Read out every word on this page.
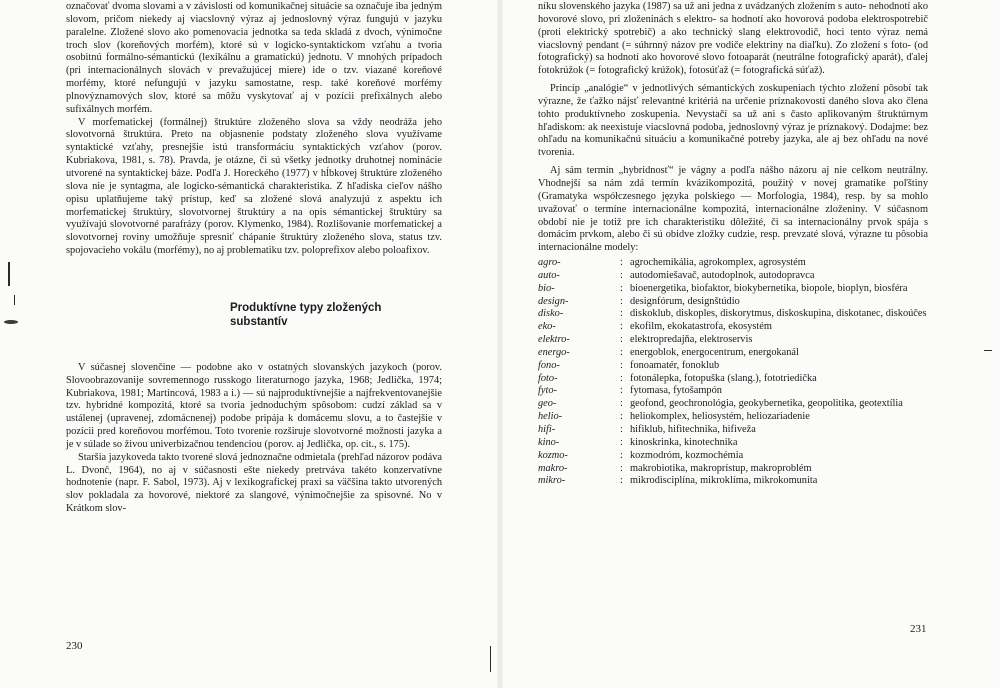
označovať dvoma slovami a v závislosti od komunikačnej situácie sa označuje iba jedným slovom, pričom niekedy aj viacslovný výraz aj jednoslovný výraz fungujú v jazyku paralelne. Zložené slovo ako pomenovacia jednotka sa teda skladá z dvoch, výnimočne troch slov (koreňových morfém), ktoré sú v logicko-syntaktickom vzťahu a tvoria osobitnú formálno-sémantickú (lexikálnu a gramatickú) jednotu. V mnohých prípadoch (pri internacionálnych slovách v prevažujúcej miere) ide o tzv. viazané koreňové morfémy, ktoré nefungujú v jazyku samostatne, resp. také koreňové morfémy plnovýznamových slov, ktoré sa môžu vyskytovať aj v pozícii prefixálnych alebo sufixálnych morfém.

V morfematickej (formálnej) štruktúre zloženého slova sa vždy neodráža jeho slovotvorná štruktúra. Preto na objasnenie podstaty zloženého slova využívame syntaktické vzťahy, presnejšie istú transformáciu syntaktických vzťahov (porov. Kubriakova, 1981, s. 78). Pravda, je otázne, či sú všetky jednotky druhotnej nominácie utvorené na syntaktickej báze. Podľa J. Horeckého (1977) v hĺbkovej štruktúre zloženého slova nie je syntagma, ale logicko-sémantická charakteristika. Z hľadiska cieľov nášho opisu uplatňujeme taký prístup, keď sa zložené slová analyzujú z aspektu ich morfematickej štruktúry, slovotvornej štruktúry a na opis sémantickej štruktúry sa využívajú slovotvorné parafrázy (porov. Klymenko, 1984). Rozlišovanie morfematickej a slovotvornej roviny umožňuje spresniť chápanie štruktúry zloženého slova, status tzv. spojovacieho vokálu (morfémy), no aj problematiku tzv. poloprefixov alebo poloafixov.

Produktívne typy zložených
substantív

V súčasnej slovenčine — podobne ako v ostatných slovanských jazykoch (porov. Slovoobrazovanije sovremennogo russkogo literaturnogo jazyka, 1968; Jedlička, 1974; Kubriakova, 1981; Martincová, 1983 a i.) — sú najproduktívnejšie a najfrekventovanejšie tzv. hybridné kompozitá, ktoré sa tvoria jednoduchým spôsobom: cudzí základ sa v ustálenej (upravenej, zdomácnenej) podobe pripája k domácemu slovu, a to častejšie v pozícii pred koreňovou morfémou. Toto tvorenie rozširuje slovotvorné možnosti jazyka a je v súlade so živou univerbizačnou tendenciou (porov. aj Jedlička, op. cit., s. 175).

Staršia jazykoveda takto tvorené slová jednoznačne odmietala (prehľad názorov podáva L. Dvonč, 1964), no aj v súčasnosti ešte niekedy pretrváva takéto konzervatívne hodnotenie (napr. F. Sabol, 1973). Aj v lexikografickej praxi sa väčšina takto utvorených slov pokladala za hovorové, niektoré za slangové, výnimočnejšie za spisovné. No v Krátkom slov-

230

níku slovenského jazyka (1987) sa už ani jedna z uvádzaných zložením s auto- nehodnotí ako hovorové slovo, pri zloženinách s elektro- sa hodnotí ako hovorová podoba elektrospotrebič (proti elektrický spotrebič) a ako technický slang elektrovodič, hoci tento výraz nemá viacslovný pendant (= súhrnný názov pre vodiče elektriny na diaľku). Zo zložení s foto- (od fotografický) sa hodnotí ako hovorové slovo fotoaparát (neutrálne fotografický aparát), ďalej fotokrúžok (= fotografický krúžok), fotosúťaž (= fotografická súťaž).

Princíp „analógie“ v jednotlivých sémantických zoskupeniach týchto zložení pôsobí tak výrazne, že ťažko nájsť relevantné kritériá na určenie príznakovosti daného slova ako člena tohto produktívneho zoskupenia. Nevystačí sa už ani s často aplikovaným štruktúrnym hľadiskom: ak neexistuje viacslovná podoba, jednoslovný výraz je príznakový. Dodajme: bez ohľadu na komunikačnú situáciu a komunikačné potreby jazyka, ale aj bez ohľadu na nové tvorenia.

Aj sám termín „hybridnosť“ je vágny a podľa nášho názoru aj nie celkom neutrálny. Vhodnejší sa nám zdá termín kvázikompozitá, použitý v novej gramatike poľštiny (Gramatyka współczesnego języka polskiego — Morfologia, 1984), resp. by sa mohlo uvažovať o termíne internacionálne kompozitá, internacionálne zloženiny. V súčasnom období nie je totiž pre ich charakteristiku dôležité, či sa internacionálny prvok spája s domácim prvkom, alebo či sú obidve zložky cudzie, resp. prevzaté slová, výrazne tu pôsobia internacionálne modely:

agro-	: agrochemikália, agrokomplex, agrosystém
auto-	: autodomiešavač, autodoplnok, autodopravca
bio-	: bioenergetika, biofaktor, biokybernetika, biopole, bioplyn, biosféra
design-	: designfórum, designštúdio
disko-	: diskoklub, diskoples, diskorytmus, diskoskupina, diskotanec, diskoúčes
eko-	: ekofilm, ekokatastrofa, ekosystém
elektro-	: elektropredajňa, elektroservis
energo-	: energoblok, energocentrum, energokanál
fono-	: fonoamatér, fonoklub
foto-	: fotonálepka, fotopuška (slang.), fototriedička
fyto-	: fytomasa, fytošampón
geo-	: geofond, geochronológia, geokybernetika, geopolitika, geotextília
helio-	: heliokomplex, heliosystém, heliozariadenie
hifi-	: hifiklub, hifitechnika, hifiveža
kino-	: kinoskrinka, kinotechnika
kozmo-	: kozmodróm, kozmochémia
makro-	: makrobiotika, makroprístup, makroproblém
mikro-	: mikrodisciplína, mikroklíma, mikrokomunita
231
